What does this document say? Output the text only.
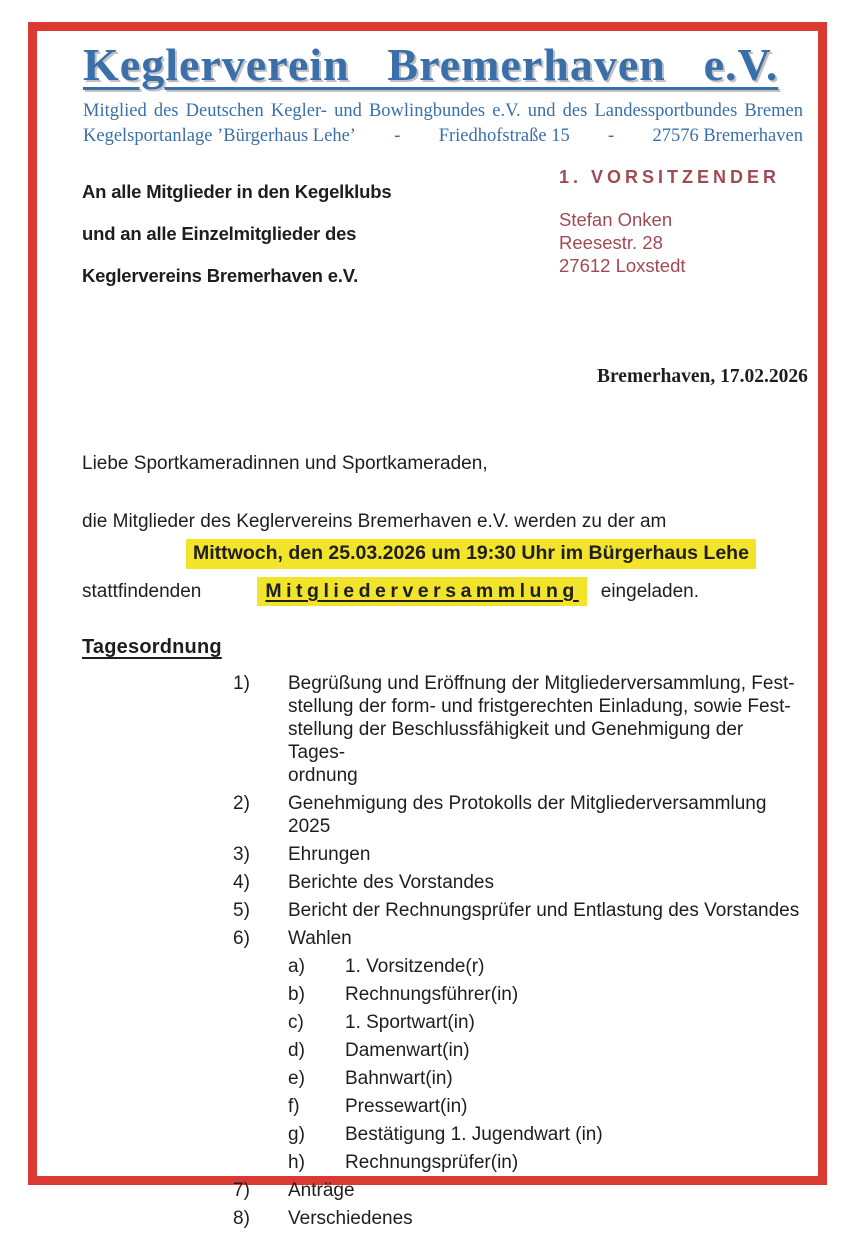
Keglerverein Bremerhaven e.V.
Mitglied des Deutschen Kegler- und Bowlingbundes e.V. und des Landessportbundes Bremen
Kegelsportanlage ’Bürgerhaus Lehe’ - Friedhofstraße 15 - 27576 Bremerhaven
An alle Mitglieder in den Kegelklubs
und an alle Einzelmitglieder des
Keglervereins Bremerhaven e.V.
1. VORSITZENDER
Stefan Onken
Reesestr. 28
27612 Loxstedt
Bremerhaven, 17.02.2026
Liebe Sportkameradinnen und Sportkameraden,
die Mitglieder des Keglervereins Bremerhaven e.V. werden zu der am
Mittwoch, den 25.03.2026 um 19:30 Uhr im Bürgerhaus Lehe
stattfindenden	Mitgliederversammlung eingeladen.
Tagesordnung
1)	Begrüßung und Eröffnung der Mitgliederversammlung, Fest-
stellung der form- und fristgerechten Einladung, sowie Fest-
stellung der Beschlussfähigkeit und Genehmigung der Tages-
ordnung
2)	Genehmigung des Protokolls der Mitgliederversammlung 2025
3)	Ehrungen
4)	Berichte des Vorstandes
5)	Bericht der Rechnungsprüfer und Entlastung des Vorstandes
6)	Wahlen
a)	1. Vorsitzende(r)
b)	Rechnungsführer(in)
c)	1. Sportwart(in)
d)	Damenwart(in)
e)	Bahnwart(in)
f)	Pressewart(in)
g)	Bestätigung 1. Jugendwart (in)
h)	Rechnungsprüfer(in)
7)	Anträge
8)	Verschiedenes
